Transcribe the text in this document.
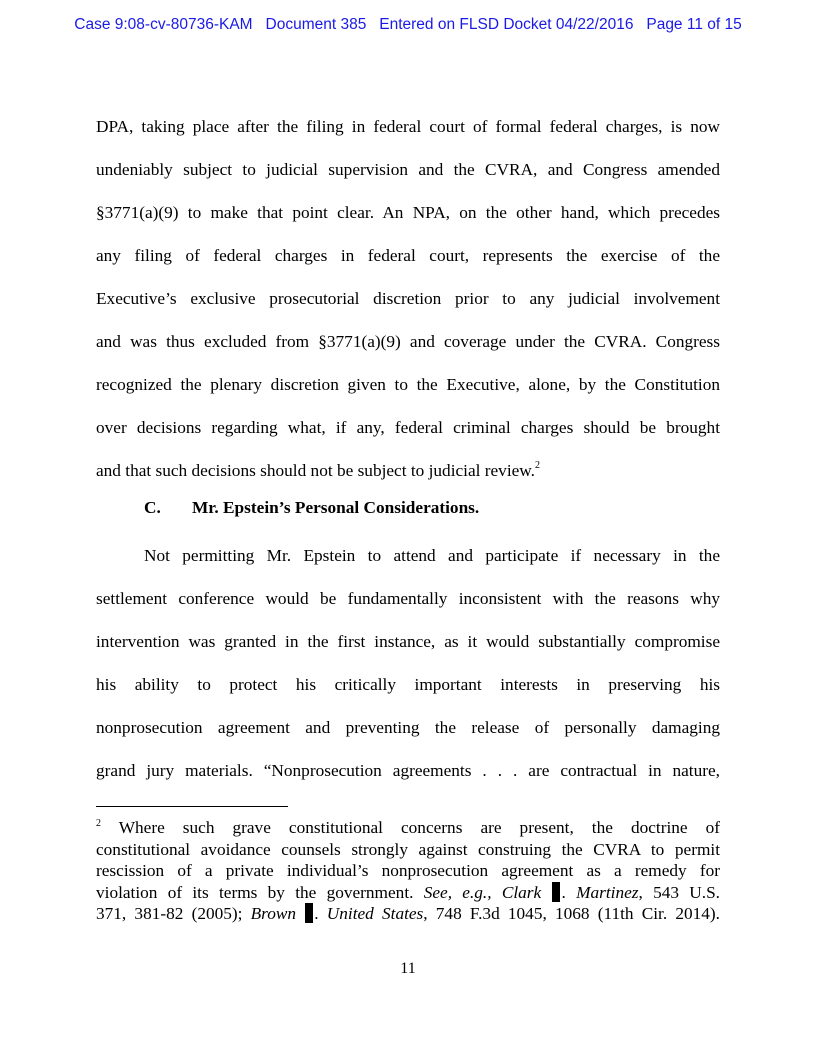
Case 9:08-cv-80736-KAM   Document 385   Entered on FLSD Docket 04/22/2016   Page 11 of 15
DPA, taking place after the filing in federal court of formal federal charges, is now
undeniably subject to judicial supervision and the CVRA, and Congress amended
§3771(a)(9) to make that point clear. An NPA, on the other hand, which precedes
any filing of federal charges in federal court, represents the exercise of the
Executive’s exclusive prosecutorial discretion prior to any judicial involvement
and was thus excluded from §3771(a)(9) and coverage under the CVRA. Congress
recognized the plenary discretion given to the Executive, alone, by the Constitution
over decisions regarding what, if any, federal criminal charges should be brought
and that such decisions should not be subject to judicial review.$^2$
C. Mr. Epstein’s Personal Considerations.
Not permitting Mr. Epstein to attend and participate if necessary in the
settlement conference would be fundamentally inconsistent with the reasons why
intervention was granted in the first instance, as it would substantially compromise
his ability to protect his critically important interests in preserving his
nonprosecution agreement and preventing the release of personally damaging
grand jury materials. “Nonprosecution agreements . . . are contractual in nature,
$^2$ Where such grave constitutional concerns are present, the doctrine of
constitutional avoidance counsels strongly against construing the CVRA to permit
rescission of a private individual’s nonprosecution agreement as a remedy for
violation of its terms by the government. See, e.g., Clark . Martinez, 543 U.S.
371, 381-82 (2005); Brown . United States, 748 F.3d 1045, 1068 (11th Cir. 2014).
11
